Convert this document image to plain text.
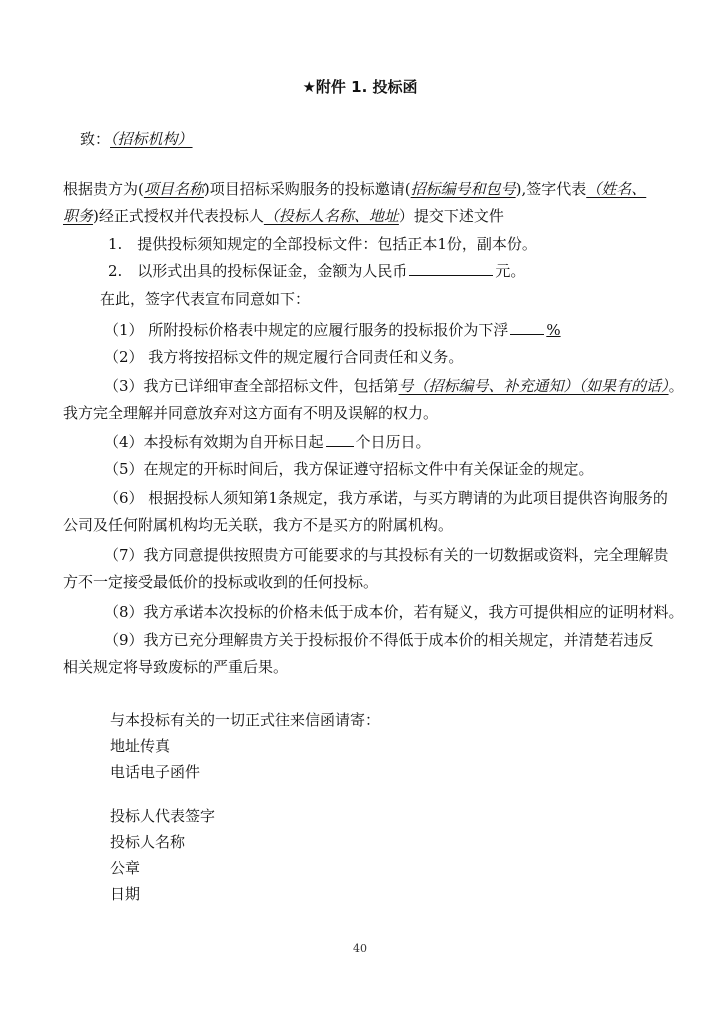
★附件 1. 投标函
致：（招标机构）
根据贵方为(项目名称)项目招标采购服务的投标邀请(招标编号和包号),签字代表（姓名、
职务)经正式授权并代表投标人（投标人名称、地址）提交下述文件
1.　提供投标须知规定的全部投标文件：包括正本1份，副本份。
2.　以形式出具的投标保证金，金额为人民币	元。
在此，签字代表宣布同意如下：
（1） 所附投标价格表中规定的应履行服务的投标报价为下浮	%
（2） 我方将按招标文件的规定履行合同责任和义务。
（3）我方已详细审查全部招标文件，包括第号（招标编号、补充通知）（如果有的话）。
我方完全理解并同意放弃对这方面有不明及误解的权力。
（4）本投标有效期为自开标日起 个日历日。
（5）在规定的开标时间后，我方保证遵守招标文件中有关保证金的规定。
（6） 根据投标人须知第1条规定，我方承诺，与买方聘请的为此项目提供咨询服务的
公司及任何附属机构均无关联，我方不是买方的附属机构。
（7）我方同意提供按照贵方可能要求的与其投标有关的一切数据或资料，完全理解贵
方不一定接受最低价的投标或收到的任何投标。
（8）我方承诺本次投标的价格未低于成本价，若有疑义，我方可提供相应的证明材料。
（9）我方已充分理解贵方关于投标报价不得低于成本价的相关规定，并清楚若违反
相关规定将导致废标的严重后果。
与本投标有关的一切正式往来信函请寄：
地址传真
电话电子函件
投标人代表签字
投标人名称
公章
日期
40
